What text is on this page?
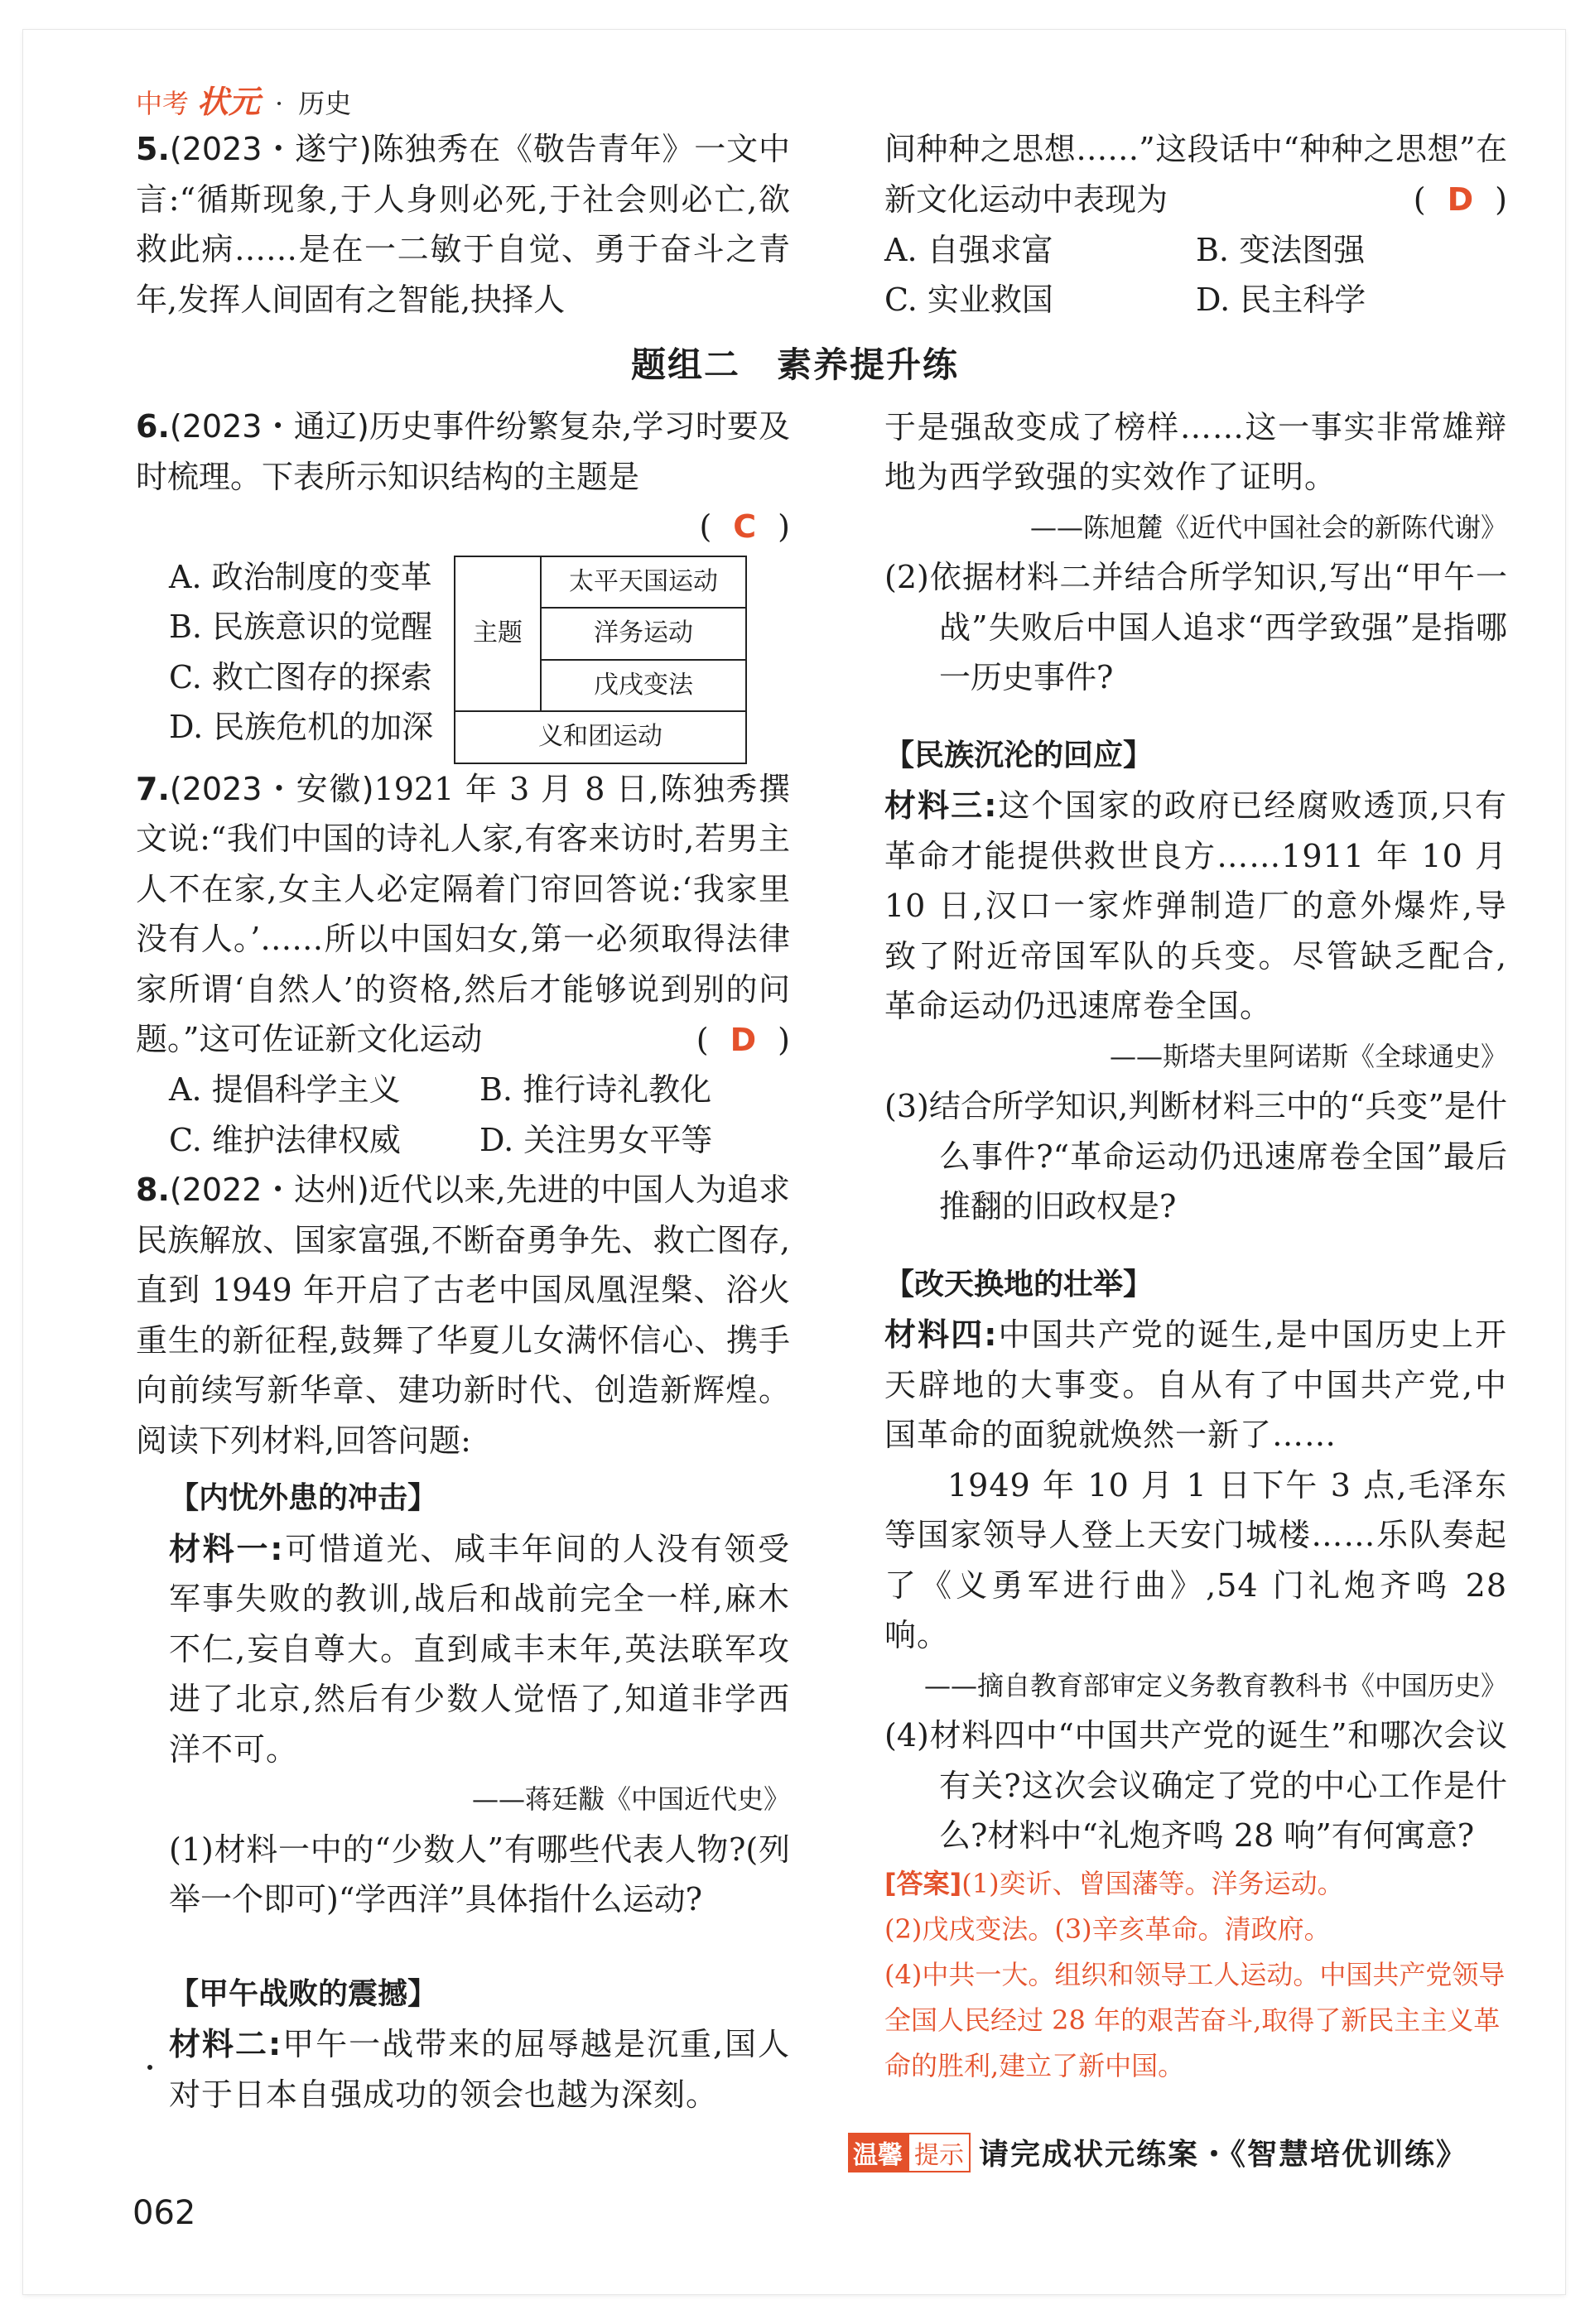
中考 状元 · 历史
5.(2023・遂宁)陈独秀在《敬告青年》一文中言:“循斯现象,于人身则必死,于社会则必亡,欲救此病……是在一二敏于自觉、勇于奋斗之青年,发挥人间固有之智能,抉择人
6.(2023・通辽)历史事件纷繁复杂,学习时要及时梳理。下表所示知识结构的主题是
( C )
A. 政治制度的变革
B. 民族意识的觉醒
C. 救亡图存的探索
D. 民族危机的加深
主题	太平天国运动
洋务运动
戊戌变法
义和团运动
7.(2023・安徽)1921 年 3 月 8 日,陈独秀撰文说:“我们中国的诗礼人家,有客来访时,若男主人不在家,女主人必定隔着门帘回答说:‘我家里没有人。’……所以中国妇女,第一必须取得法律家所谓‘自然人’的资格,然后才能够说到别的问题。”这可佐证新文化运动	( D )
A. 提倡科学主义	B. 推行诗礼教化
C. 维护法律权威	D. 关注男女平等
8.(2022・达州)近代以来,先进的中国人为追求民族解放、国家富强,不断奋勇争先、救亡图存,直到 1949 年开启了古老中国凤凰涅槃、浴火重生的新征程,鼓舞了华夏儿女满怀信心、携手向前续写新华章、建功新时代、创造新辉煌。阅读下列材料,回答问题:
【内忧外患的冲击】
材料一:可惜道光、咸丰年间的人没有领受军事失败的教训,战后和战前完全一样,麻木不仁,妄自尊大。直到咸丰末年,英法联军攻进了北京,然后有少数人觉悟了,知道非学西洋不可。
——蒋廷黻《中国近代史》
(1)材料一中的“少数人”有哪些代表人物?(列举一个即可)“学西洋”具体指什么运动?
【甲午战败的震撼】
材料二:甲午一战带来的屈辱越是沉重,国人对于日本自强成功的领会也越为深刻。
题组二 素养提升练
间种种之思想……”这段话中“种种之思想”在新文化运动中表现为	( D )
A. 自强求富	B. 变法图强
C. 实业救国	D. 民主科学
于是强敌变成了榜样……这一事实非常雄辩地为西学致强的实效作了证明。
——陈旭麓《近代中国社会的新陈代谢》
(2)依据材料二并结合所学知识,写出“甲午一战”失败后中国人追求“西学致强”是指哪一历史事件?
【民族沉沦的回应】
材料三:这个国家的政府已经腐败透顶,只有革命才能提供救世良方……1911 年 10 月 10 日,汉口一家炸弹制造厂的意外爆炸,导致了附近帝国军队的兵变。尽管缺乏配合,革命运动仍迅速席卷全国。
——斯塔夫里阿诺斯《全球通史》
(3)结合所学知识,判断材料三中的“兵变”是什么事件?“革命运动仍迅速席卷全国”最后推翻的旧政权是?
【改天换地的壮举】
材料四:中国共产党的诞生,是中国历史上开天辟地的大事变。自从有了中国共产党,中国革命的面貌就焕然一新了……
1949 年 10 月 1 日下午 3 点,毛泽东等国家领导人登上天安门城楼……乐队奏起了《义勇军进行曲》,54 门礼炮齐鸣 28 响。
——摘自教育部审定义务教育教科书《中国历史》
(4)材料四中“中国共产党的诞生”和哪次会议有关?这次会议确定了党的中心工作是什么?材料中“礼炮齐鸣 28 响”有何寓意?
[答案](1)奕䜣、曾国藩等。洋务运动。
(2)戊戌变法。(3)辛亥革命。清政府。
(4)中共一大。组织和领导工人运动。中国共产党领导全国人民经过 28 年的艰苦奋斗,取得了新民主主义革命的胜利,建立了新中国。
温馨 提示 请完成状元练案・《智慧培优训练》
062
